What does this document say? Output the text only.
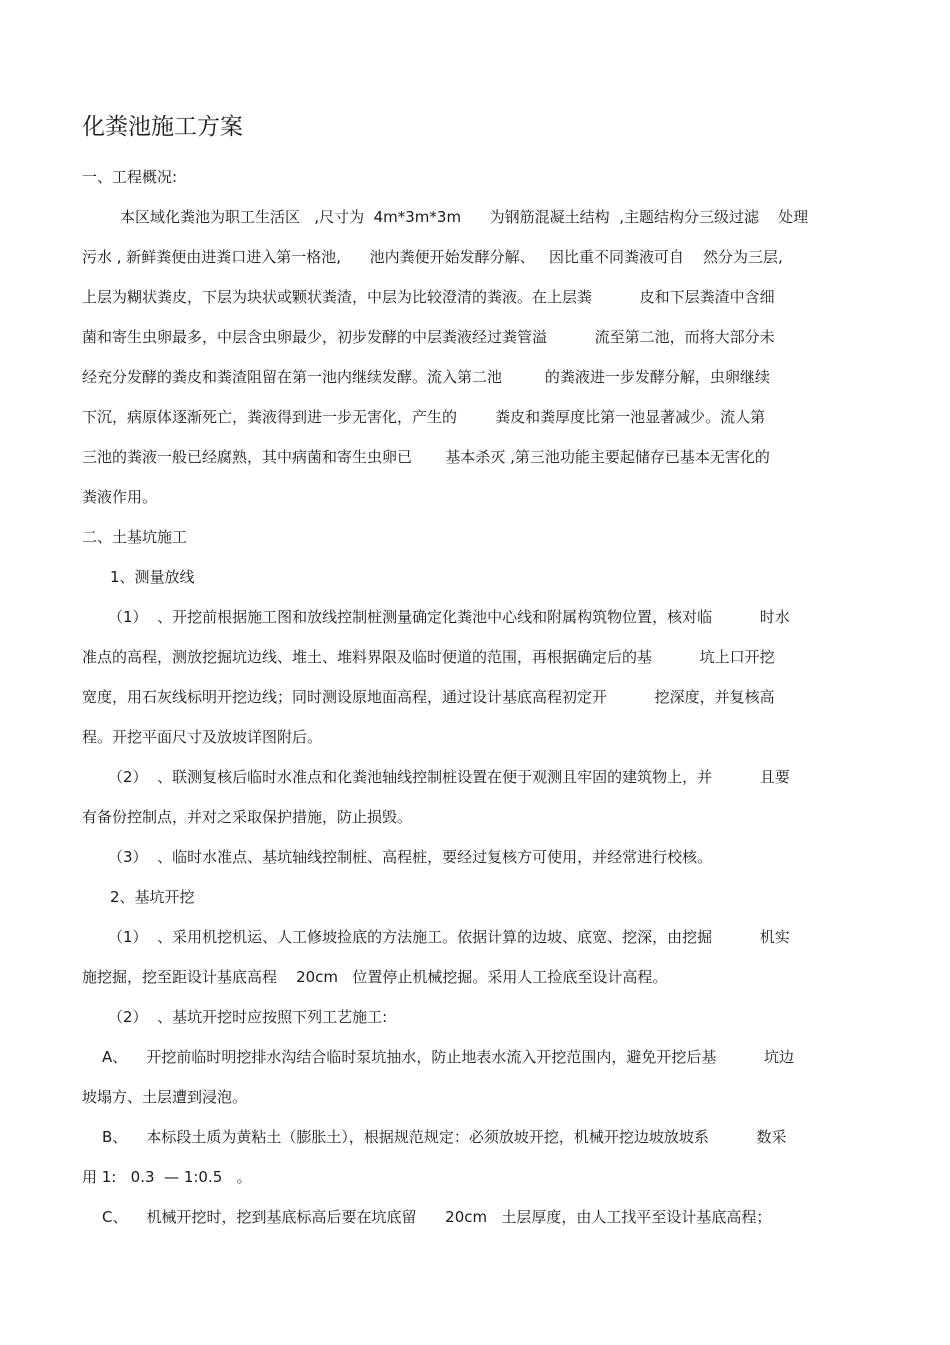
化粪池施工方案
一、工程概况:
本区域化粪池为职工生活区   ,尺寸为  4m*3m*3m      为钢筋混凝土结构  ,主题结构分三级过滤    处理
污水 , 新鲜粪便由进粪口进入第一格池,      池内粪便开始发酵分解、   因比重不同粪液可自    然分为三层,
上层为糊状粪皮，下层为块状或颗状粪渣，中层为比较澄清的粪液。在上层粪          皮和下层粪渣中含细
菌和寄生虫卵最多，中层含虫卵最少，初步发酵的中层粪液经过粪管溢          流至第二池，而将大部分未
经充分发酵的粪皮和粪渣阻留在第一池内继续发酵。流入第二池         的粪液进一步发酵分解，虫卵继续
下沉，病原体逐渐死亡，粪液得到进一步无害化，产生的        粪皮和粪厚度比第一池显著减少。流人第
三池的粪液一般已经腐熟，其中病菌和寄生虫卵已       基本杀灭 ,第三池功能主要起储存已基本无害化的
粪液作用。
二、土基坑施工
1、测量放线
（1）  、开挖前根据施工图和放线控制桩测量确定化粪池中心线和附属构筑物位置，核对临          时水
准点的高程，测放挖掘坑边线、堆土、堆料界限及临时便道的范围，再根据确定后的基          坑上口开挖
宽度，用石灰线标明开挖边线；同时测设原地面高程，通过设计基底高程初定开          挖深度，并复核高
程。开挖平面尺寸及放坡详图附后。
（2）  、联测复核后临时水准点和化粪池轴线控制桩设置在便于观测且牢固的建筑物上，并          且要
有备份控制点，并对之采取保护措施，防止损毁。
（3）  、临时水准点、基坑轴线控制桩、高程桩，要经过复核方可使用，并经常进行校核。
2、基坑开挖
（1）  、采用机挖机运、人工修坡捡底的方法施工。依据计算的边坡、底宽、挖深，由挖掘          机实
施挖掘，挖至距设计基底高程    20cm   位置停止机械挖掘。采用人工捡底至设计高程。
（2）  、基坑开挖时应按照下列工艺施工:
A、    开挖前临时明挖排水沟结合临时泵坑抽水，防止地表水流入开挖范围内，避免开挖后基          坑边
坡塌方、土层遭到浸泡。
B、    本标段土质为黄粘土（膨胀土），根据规范规定：必须放坡开挖，机械开挖边坡放坡系          数采
用 1:   0.3  — 1:0.5   。
C、    机械开挖时，挖到基底标高后要在坑底留      20cm   土层厚度，由人工找平至设计基底高程；
